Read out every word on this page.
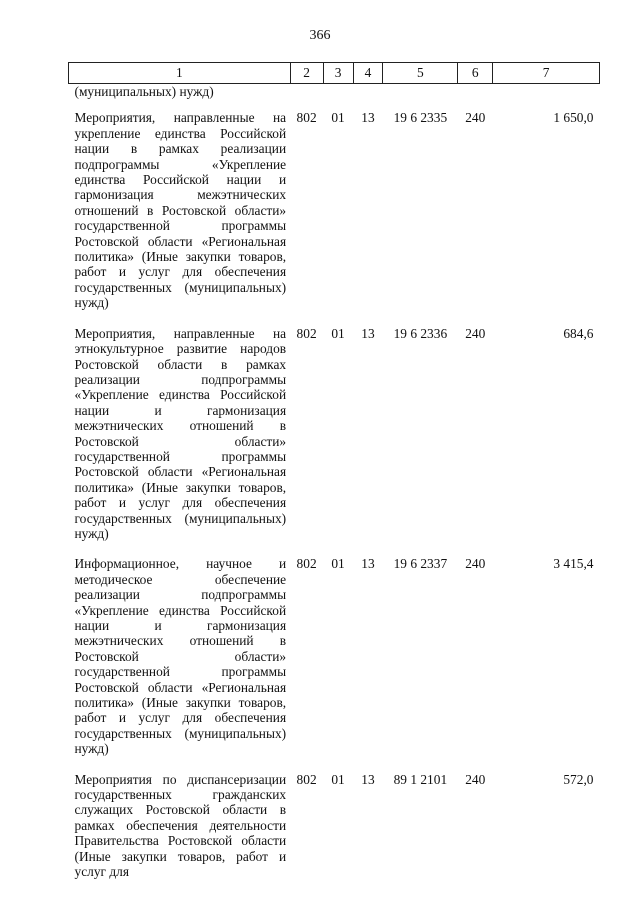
366
1	2	3	4	5	6	7
(муниципальных) нужд)						
Мероприятия, направленные на укрепление единства Российской нации в рамках реализации подпрограммы «Укрепление единства Российской нации и гармонизация межэтнических отношений в Ростовской области» государственной программы Ростовской области «Региональная политика» (Иные закупки товаров, работ и услуг для обеспечения государственных (муниципальных) нужд)	802	01	13	19 6 2335	240	1 650,0
Мероприятия, направленные на этнокультурное развитие народов Ростовской области в рамках реализации подпрограммы «Укрепление единства Российской нации и гармонизация межэтнических отношений в Ростовской области» государственной программы Ростовской области «Региональная политика» (Иные закупки товаров, работ и услуг для обеспечения государственных (муниципальных) нужд)	802	01	13	19 6 2336	240	684,6
Информационное, научное и методическое обеспечение реализации подпрограммы «Укрепление единства Российской нации и гармонизация межэтнических отношений в Ростовской области» государственной программы Ростовской области «Региональная политика» (Иные закупки товаров, работ и услуг для обеспечения государственных (муниципальных) нужд)	802	01	13	19 6 2337	240	3 415,4
Мероприятия по диспансеризации государственных гражданских служащих Ростовской области в рамках обеспечения деятельности Правительства Ростовской области (Иные закупки товаров, работ и услуг для	802	01	13	89 1 2101	240	572,0
